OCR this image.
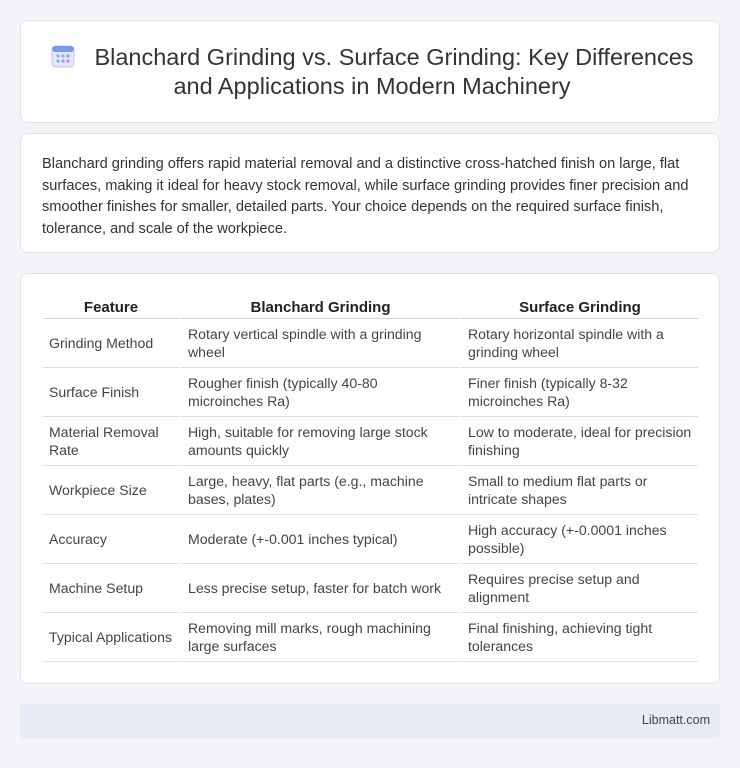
Blanchard Grinding vs. Surface Grinding: Key Differences and Applications in Modern Machinery

Blanchard grinding offers rapid material removal and a distinctive cross-hatched finish on large, flat surfaces, making it ideal for heavy stock removal, while surface grinding provides finer precision and smoother finishes for smaller, detailed parts. Your choice depends on the required surface finish, tolerance, and scale of the workpiece.

Feature	Blanchard Grinding	Surface Grinding
Grinding Method	Rotary vertical spindle with a grinding wheel	Rotary horizontal spindle with a grinding wheel
Surface Finish	Rougher finish (typically 40-80 microinches Ra)	Finer finish (typically 8-32 microinches Ra)
Material Removal Rate	High, suitable for removing large stock amounts quickly	Low to moderate, ideal for precision finishing
Workpiece Size	Large, heavy, flat parts (e.g., machine bases, plates)	Small to medium flat parts or intricate shapes
Accuracy	Moderate (+-0.001 inches typical)	High accuracy (+-0.0001 inches possible)
Machine Setup	Less precise setup, faster for batch work	Requires precise setup and alignment
Typical Applications	Removing mill marks, rough machining large surfaces	Final finishing, achieving tight tolerances
Libmatt.com
